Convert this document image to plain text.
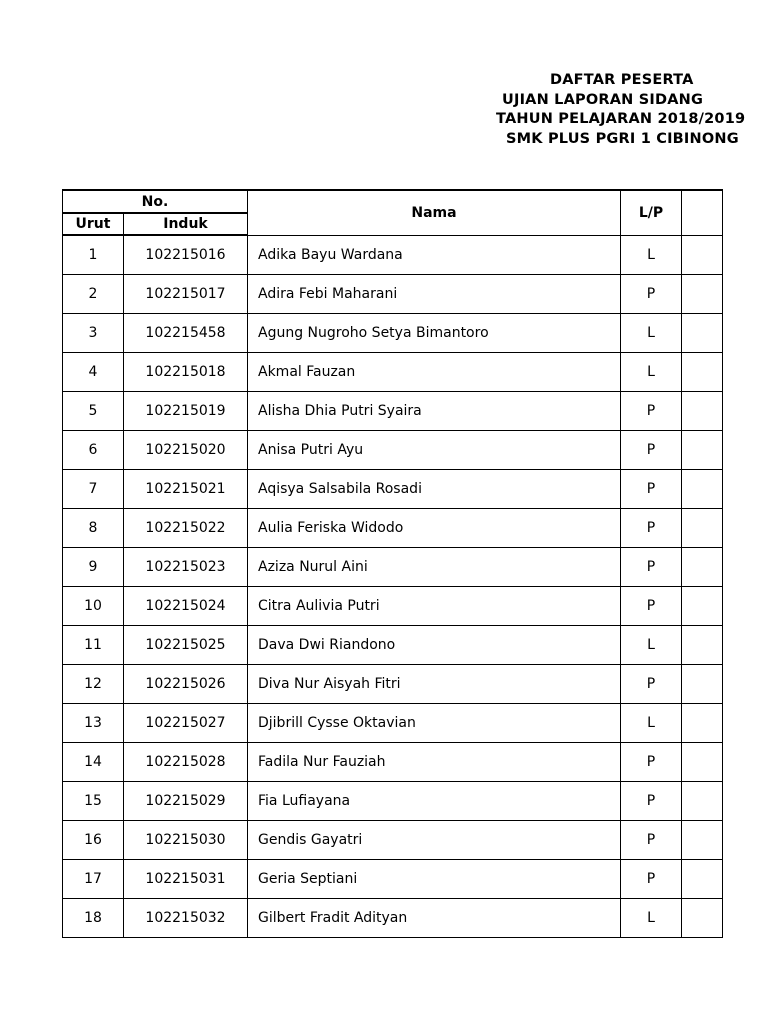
DAFTAR PESERTA
UJIAN LAPORAN SIDANG
TAHUN PELAJARAN 2018/2019
SMK PLUS PGRI 1 CIBINONG
No.		Nama	L/P	
Urut	Induk			
1	102215016	Adika Bayu Wardana	L	
2	102215017	Adira Febi Maharani	P	
3	102215458	Agung Nugroho Setya Bimantoro	L	
4	102215018	Akmal Fauzan	L	
5	102215019	Alisha Dhia Putri Syaira	P	
6	102215020	Anisa Putri Ayu	P	
7	102215021	Aqisya Salsabila Rosadi	P	
8	102215022	Aulia Feriska Widodo	P	
9	102215023	Aziza Nurul Aini	P	
10	102215024	Citra Aulivia Putri	P	
11	102215025	Dava Dwi Riandono	L	
12	102215026	Diva Nur Aisyah Fitri	P	
13	102215027	Djibrill Cysse Oktavian	L	
14	102215028	Fadila Nur Fauziah	P	
15	102215029	Fia Lufiayana	P	
16	102215030	Gendis Gayatri	P	
17	102215031	Geria Septiani	P	
18	102215032	Gilbert Fradit Adityan	L	
